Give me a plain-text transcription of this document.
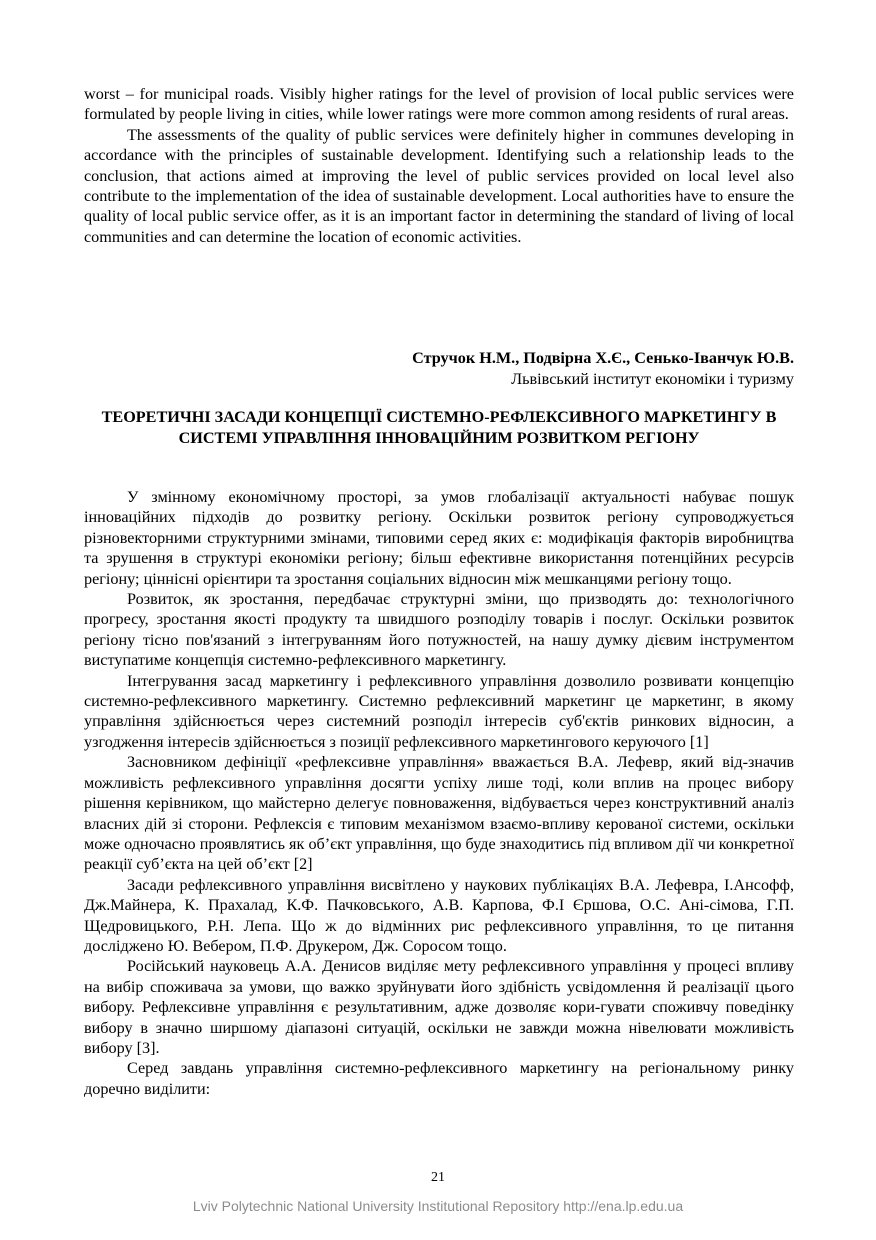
worst – for municipal roads. Visibly higher ratings for the level of provision of local public services were formulated by people living in cities, while lower ratings were more common among residents of rural areas.

The assessments of the quality of public services were definitely higher in communes developing in accordance with the principles of sustainable development. Identifying such a relationship leads to the conclusion, that actions aimed at improving the level of public services provided on local level also contribute to the implementation of the idea of sustainable development. Local authorities have to ensure the quality of local public service offer, as it is an important factor in determining the standard of living of local communities and can determine the location of economic activities.

Стручок Н.М., Подвірна Х.Є., Сенько-Іванчук Ю.В.
Львівський інститут економіки і туризму
ТЕОРЕТИЧНІ ЗАСАДИ КОНЦЕПЦІЇ СИСТЕМНО-РЕФЛЕКСИВНОГО МАРКЕТИНГУ В СИСТЕМІ УПРАВЛІННЯ ІННОВАЦІЙНИМ РОЗВИТКОМ РЕГІОНУ

У змінному економічному просторі, за умов глобалізації актуальності набуває пошук інноваційних підходів до розвитку регіону. Оскільки розвиток регіону супроводжується різновекторними структурними змінами, типовими серед яких є: модифікація факторів виробництва та зрушення в структурі економіки регіону; більш ефективне використання потенційних ресурсів регіону; ціннісні орієнтири та зростання соціальних відносин між мешканцями регіону тощо.

Розвиток, як зростання, передбачає структурні зміни, що призводять до: технологічного прогресу, зростання якості продукту та швидшого розподілу товарів і послуг. Оскільки розвиток регіону тісно пов'язаний з інтегруванням його потужностей, на нашу думку дієвим інструментом виступатиме концепція системно-рефлексивного маркетингу.

Інтегрування засад маркетингу і рефлексивного управління дозволило розвивати концепцію системно-рефлексивного маркетингу. Системно рефлексивний маркетинг це маркетинг, в якому управління здійснюється через системний розподіл інтересів суб'єктів ринкових відносин, а узгодження інтересів здійснюється з позиції рефлексивного маркетингового керуючого [1]

Засновником дефініції «рефлексивне управління» вважається В.А. Лефевр, який від-значив можливість рефлексивного управління досягти успіху лише тоді, коли вплив на процес вибору рішення керівником, що майстерно делегує повноваження, відбувається через конструктивний аналіз власних дій зі сторони. Рефлексія є типовим механізмом взаємо-впливу керованої системи, оскільки може одночасно проявлятись як об’єкт управління, що буде знаходитись під впливом дії чи конкретної реакції суб’єкта на цей об’єкт [2]

Засади рефлексивного управління висвітлено у наукових публікаціях В.А. Лефевра, І.Ансофф, Дж.Майнера, К. Прахалад, К.Ф. Пачковського, А.В. Карпова, Ф.І Єршова, О.С. Ані-сімова, Г.П. Щедровицького, Р.Н. Лепа. Що ж до відмінних рис рефлексивного управління, то це питання досліджено Ю. Вебером, П.Ф. Друкером, Дж. Соросом тощо.

Російський науковець А.А. Денисов виділяє мету рефлексивного управління у процесі впливу на вибір споживача за умови, що важко зруйнувати його здібність усвідомлення й реалізації цього вибору. Рефлексивне управління є результативним, адже дозволяє кори-гувати споживчу поведінку вибору в значно ширшому діапазоні ситуацій, оскільки не завжди можна нівелювати можливість вибору [3].

Серед завдань управління системно-рефлексивного маркетингу на регіональному ринку доречно виділити:

21
Lviv Polytechnic National University Institutional Repository http://ena.lp.edu.ua
